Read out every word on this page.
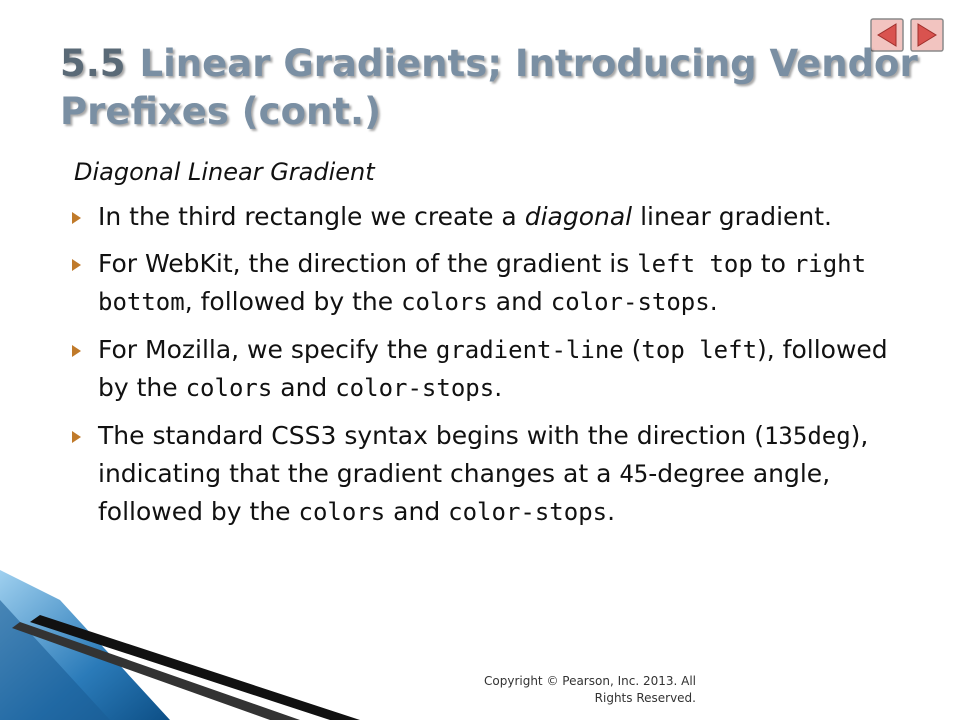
5.5 Linear Gradients; Introducing Vendor Prefixes (cont.)
Diagonal Linear Gradient
In the third rectangle we create a diagonal linear gradient.
For WebKit, the direction of the gradient is left top to right bottom, followed by the colors and color-stops.
For Mozilla, we specify the gradient-line (top left), followed by the colors and color-stops.
The standard CSS3 syntax begins with the direction (135deg), indicating that the gradient changes at a 45-degree angle, followed by the colors and color-stops.
Copyright © Pearson, Inc. 2013. All
Rights Reserved.
